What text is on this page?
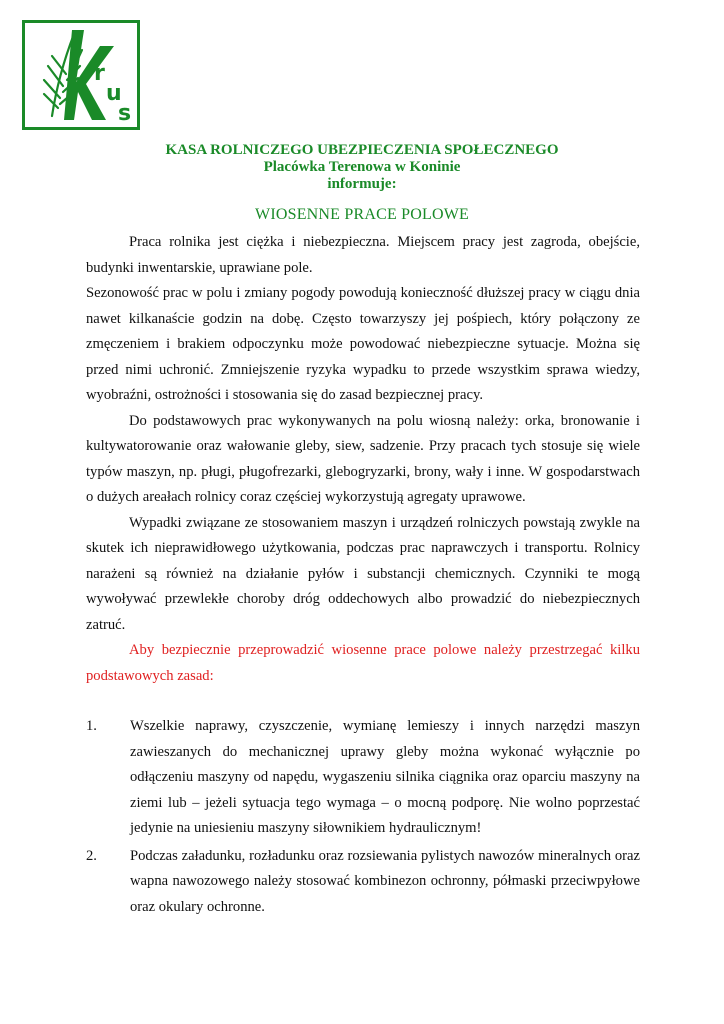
r
u
s
KASA ROLNICZEGO UBEZPIECZENIA SPOŁECZNEGO
Placówka Terenowa w Koninie
informuje:
WIOSENNE PRACE POLOWE

Praca rolnika jest ciężka i niebezpieczna. Miejscem pracy jest zagroda, obejście, budynki inwentarskie, uprawiane pole.

Sezonowość prac w polu i zmiany pogody powodują konieczność dłuższej pracy w ciągu dnia nawet kilkanaście godzin na dobę. Często towarzyszy jej pośpiech, który połączony ze zmęczeniem i brakiem odpoczynku może powodować niebezpieczne sytuacje. Można się przed nimi uchronić. Zmniejszenie ryzyka wypadku to przede wszystkim sprawa wiedzy, wyobraźni, ostrożności i stosowania się do zasad bezpiecznej pracy.

Do podstawowych prac wykonywanych na polu wiosną należy: orka, bronowanie i kultywatorowanie oraz wałowanie gleby, siew, sadzenie. Przy pracach tych stosuje się wiele typów maszyn, np. pługi, pługofrezarki, glebogryzarki, brony, wały i inne. W gospodarstwach o dużych areałach rolnicy coraz częściej wykorzystują agregaty uprawowe.

Wypadki związane ze stosowaniem maszyn i urządzeń rolniczych powstają zwykle na skutek ich nieprawidłowego użytkowania, podczas prac naprawczych i transportu. Rolnicy narażeni są również na działanie pyłów i substancji chemicznych. Czynniki te mogą wywoływać przewlekłe choroby dróg oddechowych albo prowadzić do niebezpiecznych zatruć.

Aby bezpiecznie przeprowadzić wiosenne prace polowe należy przestrzegać kilku podstawowych zasad:

1. Wszelkie naprawy, czyszczenie, wymianę lemieszy i innych narzędzi maszyn zawieszanych do mechanicznej uprawy gleby można wykonać wyłącznie po odłączeniu maszyny od napędu, wygaszeniu silnika ciągnika oraz oparciu maszyny na ziemi lub – jeżeli sytuacja tego wymaga – o mocną podporę. Nie wolno poprzestać jedynie na uniesieniu maszyny siłownikiem hydraulicznym!
2. Podczas załadunku, rozładunku oraz rozsiewania pylistych nawozów mineralnych oraz wapna nawozowego należy stosować kombinezon ochronny, półmaski przeciwpyłowe oraz okulary ochronne.
